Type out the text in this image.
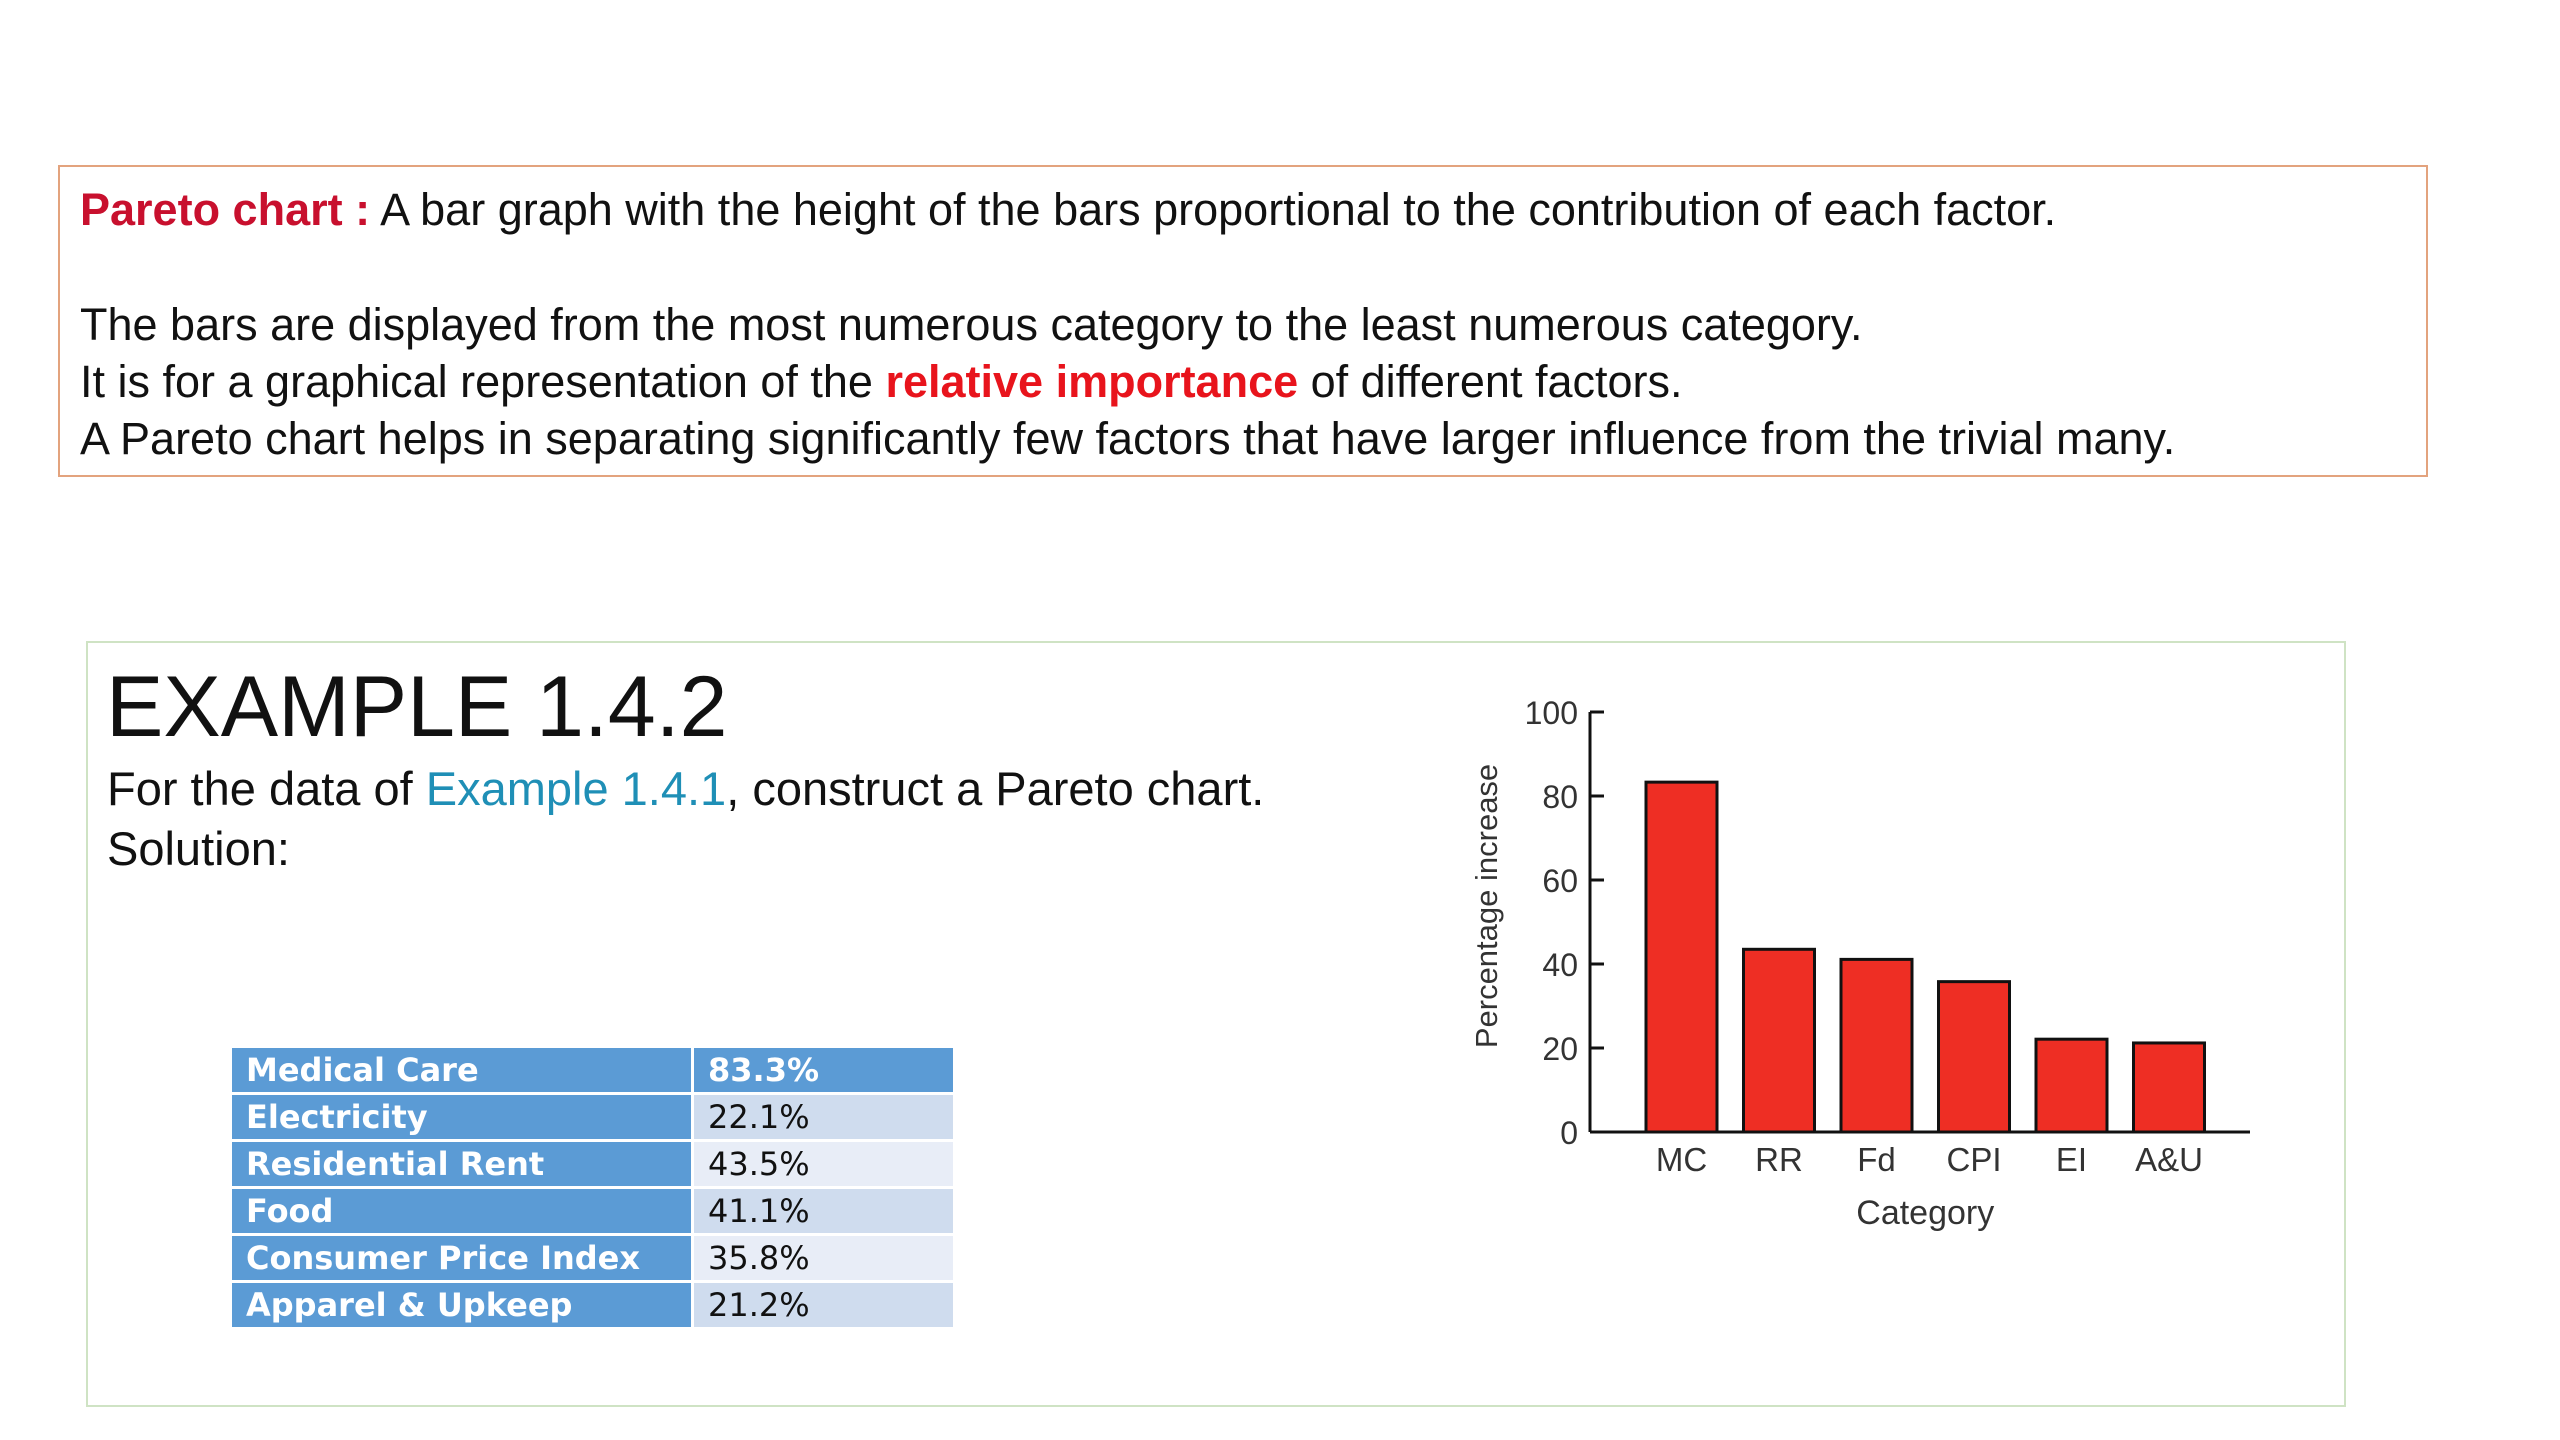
Pareto chart : A bar graph with the height of the bars proportional to the contribution of each factor.

The bars are displayed from the most numerous category to the least numerous category.

It is for a graphical representation of the relative importance of different factors.

A Pareto chart helps in separating significantly few factors that have larger influence from the trivial many.

EXAMPLE 1.4.2
For the data of Example 1.4.1, construct a Pareto chart.
Solution:
Medical Care	83.3%
Electricity	22.1%
Residential Rent	43.5%
Food	41.1%
Consumer Price Index	35.8%
Apparel & Upkeep	21.2%
0
20
40
60
80
100
MC RR Fd CPI EI A&U
Category
Percentage increase
